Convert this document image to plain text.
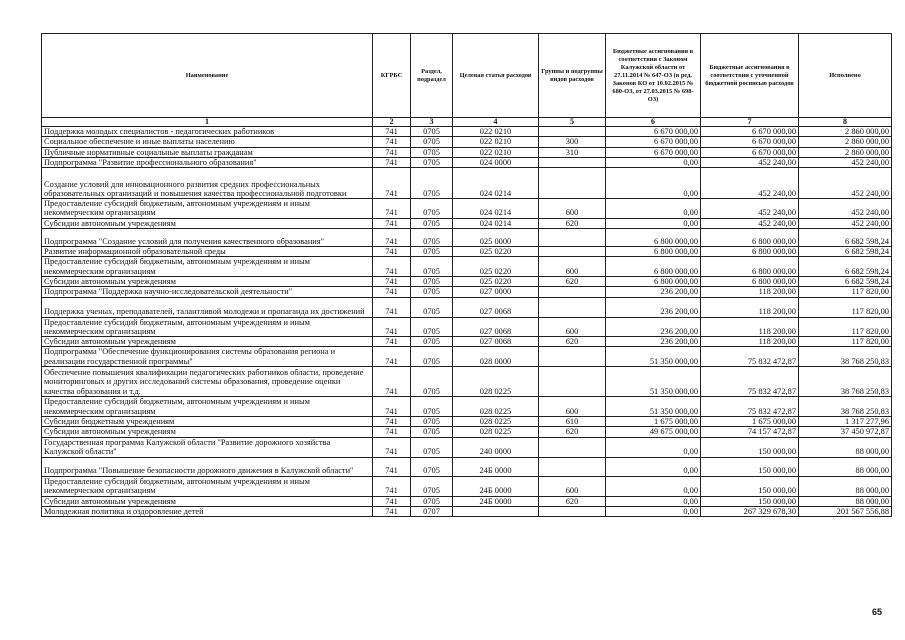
Наименование	КГРБС	Раздел, подраздел	Целевая статья расходов	Группы и подгруппы видов расходов	Бюджетные ассигнования в соответствии с Законом Калужской области от 27.11.2014 № 647-ОЗ (в ред. Законов КО от 10.02.2015 № 680-ОЗ, от 27.03.2015 № 698-ОЗ)	Бюджетные ассигнования в соответствии с уточненной бюджетной росписью расходов	Исполнено
1	2	3	4	5	6	7	8
Поддержка молодых специалистов - педагогических работников	741	0705	022 0210		6 670 000,00	6 670 000,00	2 860 000,00
Социальное обеспечение и иные выплаты населению	741	0705	022 0210	300	6 670 000,00	6 670 000,00	2 860 000,00
Публичные нормативные социальные выплаты гражданам	741	0705	022 0210	310	6 670 000,00	6 670 000,00	2 860 000,00
Подпрограмма "Развитие профессионального образования"	741	0705	024 0000		0,00	452 240,00	452 240,00
Создание условий для инновационного развития средних профессиональных образовательных организаций и повышения качества профессиональной подготовки	741	0705	024 0214		0,00	452 240,00	452 240,00
Предоставление субсидий бюджетным, автономным учреждениям и иным некоммерческим организациям	741	0705	024 0214	600	0,00	452 240,00	452 240,00
Субсидии автономным учреждениям	741	0705	024 0214	620	0,00	452 240,00	452 240,00
Подпрограмма "Создание условий для получения качественного образования"	741	0705	025 0000		6 800 000,00	6 800 000,00	6 682 598,24
Развитие информационной образовательной среды	741	0705	025 0220		6 800 000,00	6 800 000,00	6 682 598,24
Предоставление субсидий бюджетным, автономным учреждениям и иным некоммерческим организациям	741	0705	025 0220	600	6 800 000,00	6 800 000,00	6 682 598,24
Субсидии автономным учреждениям	741	0705	025 0220	620	6 800 000,00	6 800 000,00	6 682 598,24
Подпрограмма "Поддержка научно-исследовательской деятельности"	741	0705	027 0000		236 200,00	118 200,00	117 820,00
Поддержка ученых, преподавателей, талантливой молодежи и пропаганда их достижений	741	0705	027 0068		236 200,00	118 200,00	117 820,00
Предоставление субсидий бюджетным, автономным учреждениям и иным некоммерческим организациям	741	0705	027 0068	600	236 200,00	118 200,00	117 820,00
Субсидии автономным учреждениям	741	0705	027 0068	620	236 200,00	118 200,00	117 820,00
Подпрограмма "Обеспечение функционирования системы образования региона и реализации государственной программы"	741	0705	028 0000		51 350 000,00	75 832 472,87	38 768 250,83
Обеспечение повышения квалификации педагогических работников области, проведение мониторинговых и других исследований системы образования, проведение оценки качества образования и т.д.	741	0705	028 0225		51 350 000,00	75 832 472,87	38 768 250,83
Предоставление субсидий бюджетным, автономным учреждениям и иным некоммерческим организациям	741	0705	028 0225	600	51 350 000,00	75 832 472,87	38 768 250,83
Субсидии бюджетным учреждениям	741	0705	028 0225	610	1 675 000,00	1 675 000,00	1 317 277,96
Субсидии автономным учреждениям	741	0705	028 0225	620	49 675 000,00	74 157 472,87	37 450 972,87
Государственная программа Калужской области "Развитие дорожного хозяйства Калужской области"	741	0705	240 0000		0,00	150 000,00	88 000,00
Подпрограмма "Повышение безопасности дорожного движения в Калужской области"	741	0705	24Б 0000		0,00	150 000,00	88 000,00
Предоставление субсидий бюджетным, автономным учреждениям и иным некоммерческим организациям	741	0705	24Б 0000	600	0,00	150 000,00	88 000,00
Субсидии автономным учреждениям	741	0705	24Б 0000	620	0,00	150 000,00	88 000,00
Молодежная политика и оздоровление детей	741	0707			0,00	267 329 678,30	201 567 556,88
65
